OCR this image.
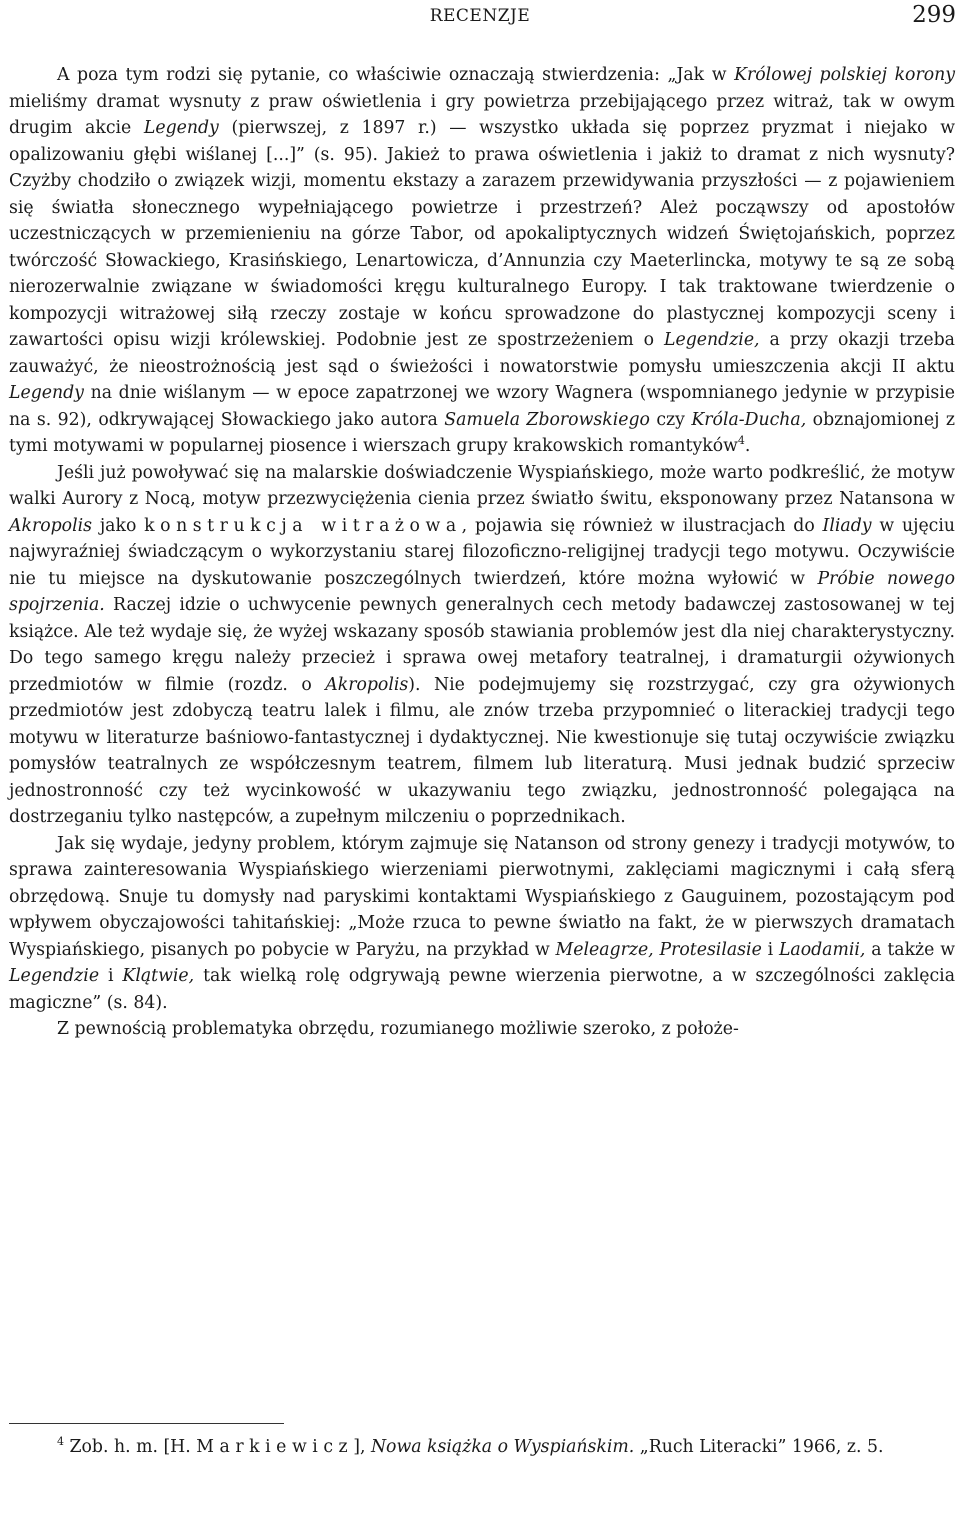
RECENZJE	299

A poza tym rodzi się pytanie, co właściwie oznaczają stwierdzenia: „Jak w Królowej polskiej korony mieliśmy dramat wysnuty z praw oświetlenia i gry powietrza przebijającego przez witraż, tak w owym drugim akcie Legendy (pierwszej, z 1897 r.) — wszystko układa się poprzez pryzmat i niejako w opalizowaniu głębi wiślanej [...]” (s. 95). Jakież to prawa oświetlenia i jakiż to dramat z nich wysnuty? Czyżby chodziło o związek wizji, momentu ekstazy a zarazem przewidywania przyszłości — z pojawieniem się światła słonecznego wypełniającego powietrze i przestrzeń? Ależ począwszy od apostołów uczestniczących w przemienieniu na górze Tabor, od apokaliptycznych widzeń Świętojańskich, poprzez twórczość Słowackiego, Krasińskiego, Lenartowicza, d’Annunzia czy Maeterlincka, motywy te są ze sobą nierozerwalnie związane w świadomości kręgu kulturalnego Europy. I tak traktowane twierdzenie o kompozycji witrażowej siłą rzeczy zostaje w końcu sprowadzone do plastycznej kompozycji sceny i zawartości opisu wizji królewskiej. Podobnie jest ze spostrzeżeniem o Legendzie, a przy okazji trzeba zauważyć, że nieostrożnością jest sąd o świeżości i nowatorstwie pomysłu umieszczenia akcji II aktu Legendy na dnie wiślanym — w epoce zapatrzonej we wzory Wagnera (wspomnianego jedynie w przypisie na s. 92), odkrywającej Słowackiego jako autora Samuela Zborowskiego czy Króla-Ducha, obznajomionej z tymi motywami w popularnej piosence i wierszach grupy krakowskich romantyków$^4$.

Jeśli już powoływać się na malarskie doświadczenie Wyspiańskiego, może warto podkreślić, że motyw walki Aurory z Nocą, motyw przezwyciężenia cienia przez światło świtu, eksponowany przez Natansona w Akropolis jako konstrukcja witrażowa, pojawia się również w ilustracjach do Iliady w ujęciu najwyraźniej świadczącym o wykorzystaniu starej filozoficzno-religijnej tradycji tego motywu. Oczywiście nie tu miejsce na dyskutowanie poszczególnych twierdzeń, które można wyłowić w Próbie nowego spojrzenia. Raczej idzie o uchwycenie pewnych generalnych cech metody badawczej zastosowanej w tej książce. Ale też wydaje się, że wyżej wskazany sposób stawiania problemów jest dla niej charakterystyczny. Do tego samego kręgu należy przecież i sprawa owej metafory teatralnej, i dramaturgii ożywionych przedmiotów w filmie (rozdz. o Akropolis). Nie podejmujemy się rozstrzygać, czy gra ożywionych przedmiotów jest zdobyczą teatru lalek i filmu, ale znów trzeba przypomnieć o literackiej tradycji tego motywu w literaturze baśniowo-fantastycznej i dydaktycznej. Nie kwestionuje się tutaj oczywiście związku pomysłów teatralnych ze współczesnym teatrem, filmem lub literaturą. Musi jednak budzić sprzeciw jednostronność czy też wycinkowość w ukazywaniu tego związku, jednostronność polegająca na dostrzeganiu tylko następców, a zupełnym milczeniu o poprzednikach.

Jak się wydaje, jedyny problem, którym zajmuje się Natanson od strony genezy i tradycji motywów, to sprawa zainteresowania Wyspiańskiego wierzeniami pierwotnymi, zaklęciami magicznymi i całą sferą obrzędową. Snuje tu domysły nad paryskimi kontaktami Wyspiańskiego z Gauguinem, pozostającym pod wpływem obyczajowości tahitańskiej: „Może rzuca to pewne światło na fakt, że w pierwszych dramatach Wyspiańskiego, pisanych po pobycie w Paryżu, na przykład w Meleagrze, Protesilasie i Laodamii, a także w Legendzie i Klątwie, tak wielką rolę odgrywają pewne wierzenia pierwotne, a w szczególności zaklęcia magiczne” (s. 84).

Z pewnością problematyka obrzędu, rozumianego możliwie szeroko, z położe-

$^4$ Zob. h. m. [H. Markiewicz], Nowa książka o Wyspiańskim. „Ruch Literacki” 1966, z. 5.
